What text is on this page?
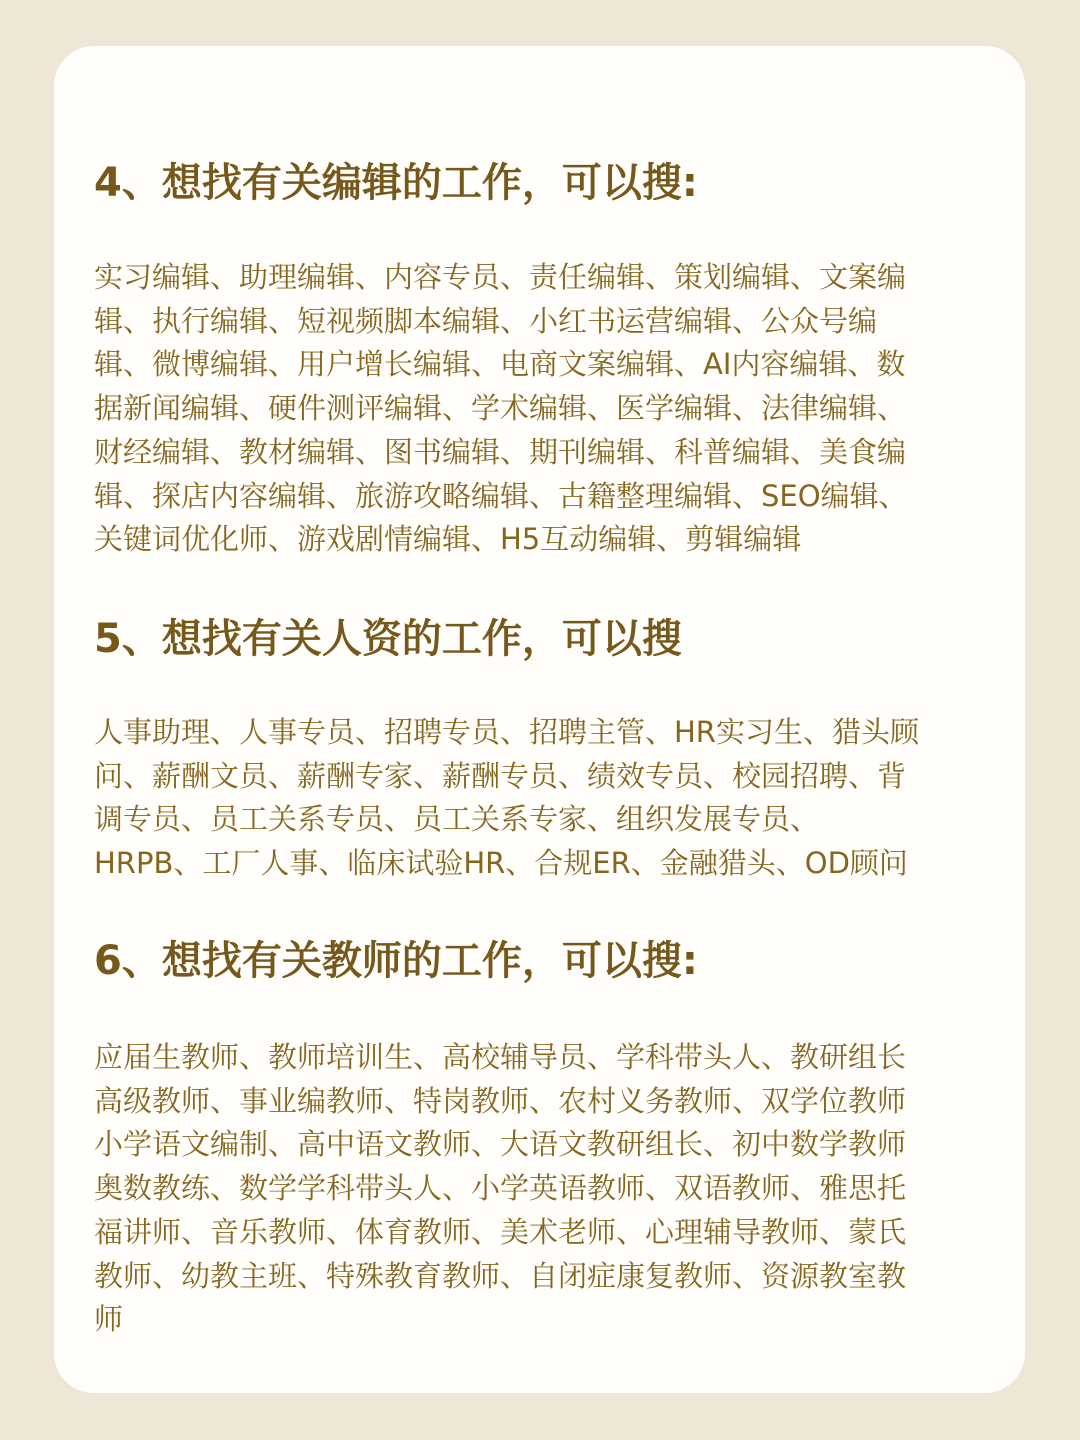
4、想找有关编辑的工作，可以搜:

实习编辑、助理编辑、内容专员、责任编辑、策划编辑、文案编
辑、执行编辑、短视频脚本编辑、小红书运营编辑、公众号编
辑、微博编辑、用户增长编辑、电商文案编辑、AI内容编辑、数
据新闻编辑、硬件测评编辑、学术编辑、医学编辑、法律编辑、
财经编辑、教材编辑、图书编辑、期刊编辑、科普编辑、美食编
辑、探店内容编辑、旅游攻略编辑、古籍整理编辑、SEO编辑、
关键词优化师、游戏剧情编辑、H5互动编辑、剪辑编辑

5、想找有关人资的工作，可以搜

人事助理、人事专员、招聘专员、招聘主管、HR实习生、猎头顾
问、薪酬文员、薪酬专家、薪酬专员、绩效专员、校园招聘、背
调专员、员工关系专员、员工关系专家、组织发展专员、
HRPB、工厂人事、临床试验HR、合规ER、金融猎头、OD顾问

6、想找有关教师的工作，可以搜:

应届生教师、教师培训生、高校辅导员、学科带头人、教研组长
高级教师、事业编教师、特岗教师、农村义务教师、双学位教师
小学语文编制、高中语文教师、大语文教研组长、初中数学教师
奥数教练、数学学科带头人、小学英语教师、双语教师、雅思托
福讲师、音乐教师、体育教师、美术老师、心理辅导教师、蒙氏
教师、幼教主班、特殊教育教师、自闭症康复教师、资源教室教
师
